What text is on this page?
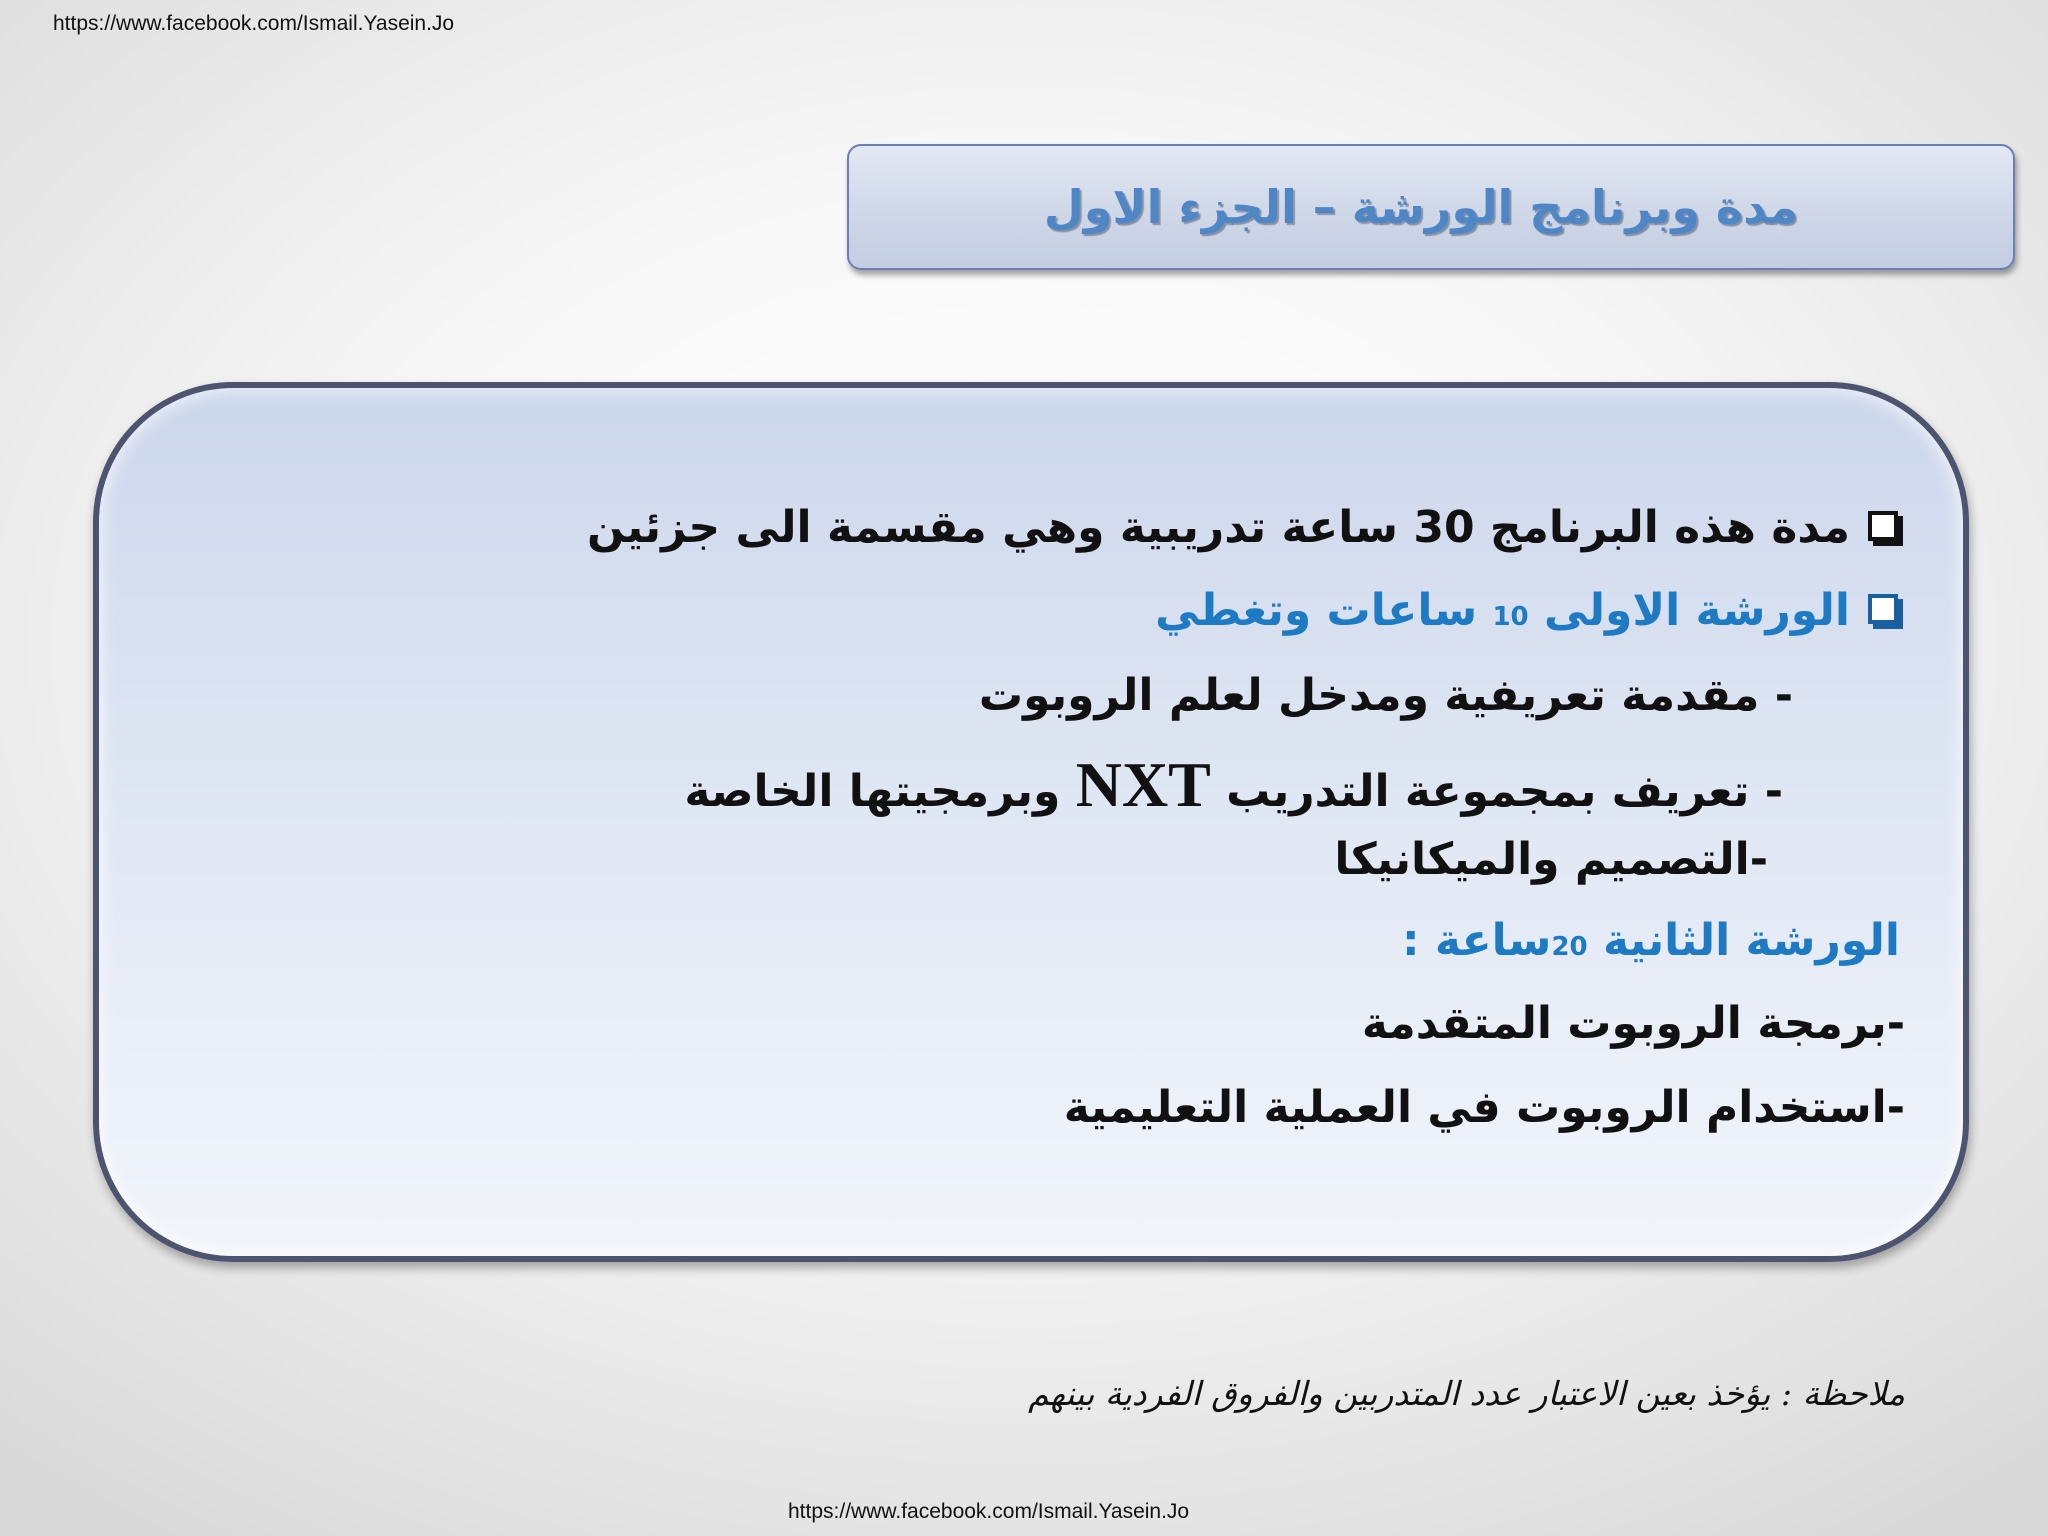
https://www.facebook.com/Ismail.Yasein.Jo
مدة وبرنامج الورشة – الجزء الاول
مدة هذه البرنامج 30 ساعة تدريبية وهي مقسمة الى جزئين
الورشة الاولى 10 ساعات وتغطي
- مقدمة تعريفية ومدخل لعلم الروبوت
- تعريف بمجموعة التدريب NXT وبرمجيتها الخاصة
-التصميم والميكانيكا
الورشة الثانية 20ساعة :
-برمجة الروبوت المتقدمة
-استخدام الروبوت في العملية التعليمية
ملاحظة : يؤخذ بعين الاعتبار عدد المتدربين والفروق الفردية بينهم
https://www.facebook.com/Ismail.Yasein.Jo
